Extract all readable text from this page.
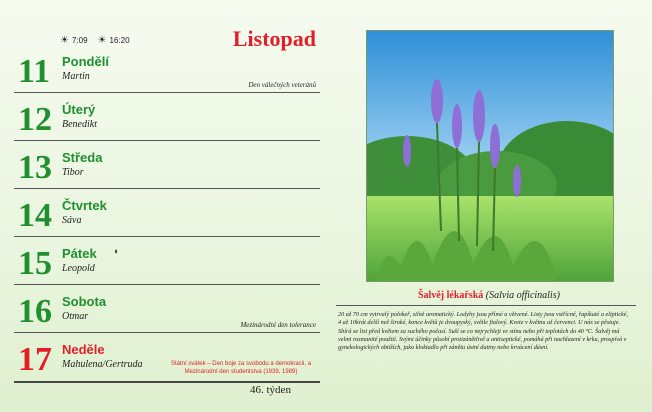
☀ 7:09 ☀ 16:20	Listopad
11 Pondělí
Martin
Den válečných veteránů
12 Úterý
Benedikt
13 Středa
Tibor
14 Čtvrtek
Sáva
15 Pátek ◐
Leopold
16 Sobota
Otmar
Mezinárodní den tolerance
17 Neděle
Mahulena/Gertruda	Státní svátek – Den boje za svobodu a demokracii, a Mezinárodní den studentstva (1939, 1989)
46. týden
Šalvěj lékařská (Salvia officinalis)
20 až 70 cm vytrvalý polokeř, silně aromatický. Lodyhy jsou přímé a větvené. Listy jsou vstřícné, řapíkaté a eliptické, 4 až 10krát delší než široké, konce květů je dvoupyský, světle fialový. Kvete v květnu až červenci. U nás se pěstuje. Sbírá se list před květem za suchého počasí. Suší se co nejrychleji ve stínu nebo při teplotách do 40 °C. Šalvěj má velmi rozmanité použití. Svými účinky působí protizánětlivě a antiseptické, pomáhá při nachlazení v krku, prospívá v gynekologických obtížích, jako kloktadlo při zánětu ústní dutiny nebo krvácení dásní.
